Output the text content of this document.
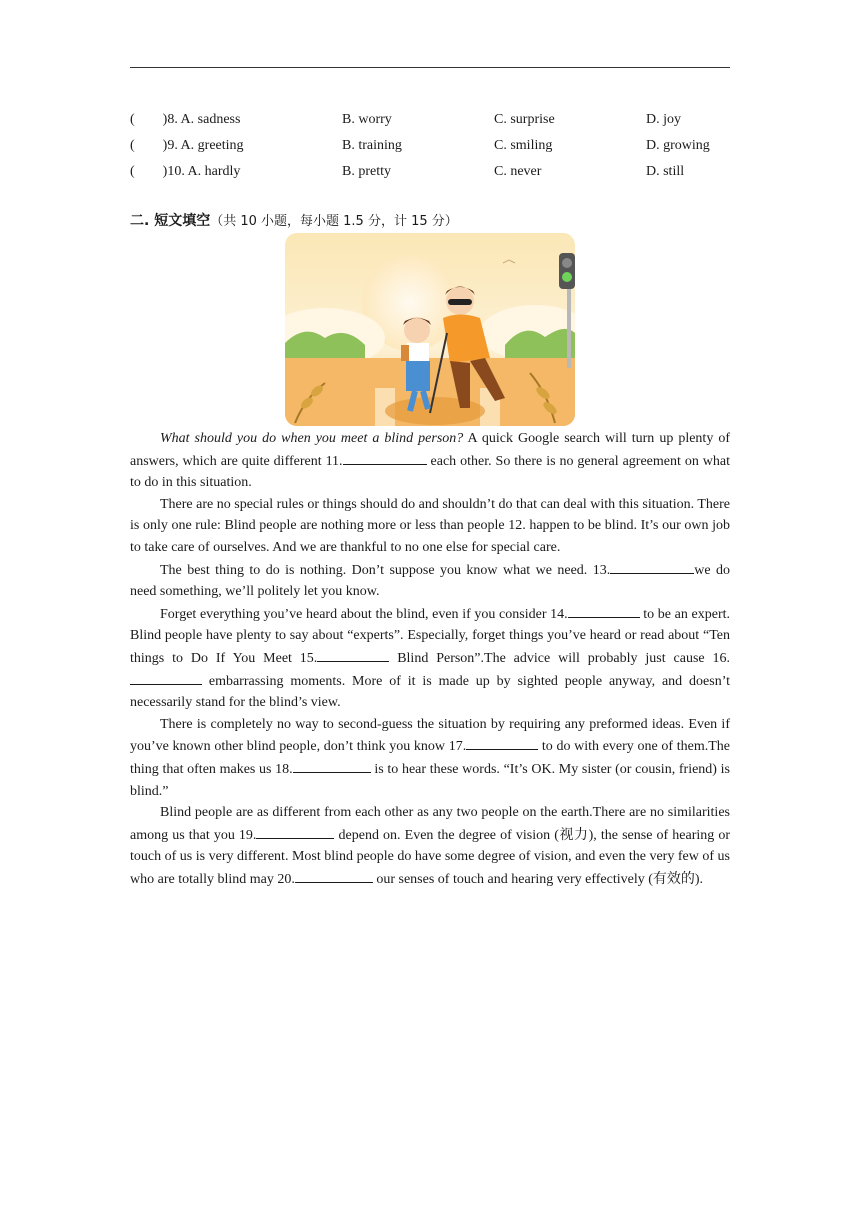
(        )8. A. sadness	B. worry	C. surprise	D. joy
(        )9. A. greeting	B. training	C. smiling	D. growing
(        )10. A. hardly	B. pretty	C. never	D. still
二. 短文填空（共 10 小题，每小题 1.5 分，计 15 分）

What should you do when you meet a blind person? A quick Google search will turn up plenty of answers, which are quite different 11.	each other. So there is no general agreement on what to do in this situation.

There are no special rules or things should do and shouldn’t do that can deal with this situation. There is only one rule: Blind people are nothing more or less than people 12. happen to be blind. It’s our own job to take care of ourselves. And we are thankful to no one else for special care.

The best thing to do is nothing. Don’t suppose you know what we need. 13.	we do need something, we’ll politely let you know.

Forget everything you’ve heard about the blind, even if you consider 14.	to be an expert. Blind people have plenty to say about “experts”. Especially, forget things you’ve heard or read about “Ten things to Do If You Meet 15.	Blind Person”.The advice will probably just cause 16. embarrassing moments. More of it is made up by sighted people anyway, and doesn’t necessarily stand for the blind’s view.

There is completely no way to second-guess the situation by requiring any preformed ideas. Even if you’ve known other blind people, don’t think you know 17.	to do with every one of them.The thing that often makes us 18.	is to hear these words. “It’s OK. My sister (or cousin, friend) is blind.”

Blind people are as different from each other as any two people on the earth.There are no similarities among us that you 19.	depend on. Even the degree of vision (视力), the sense of hearing or touch of us is very different. Most blind people do have some degree of vision, and even the very few of us who are totally blind may 20.	our senses of touch and hearing very effectively (有效的).
